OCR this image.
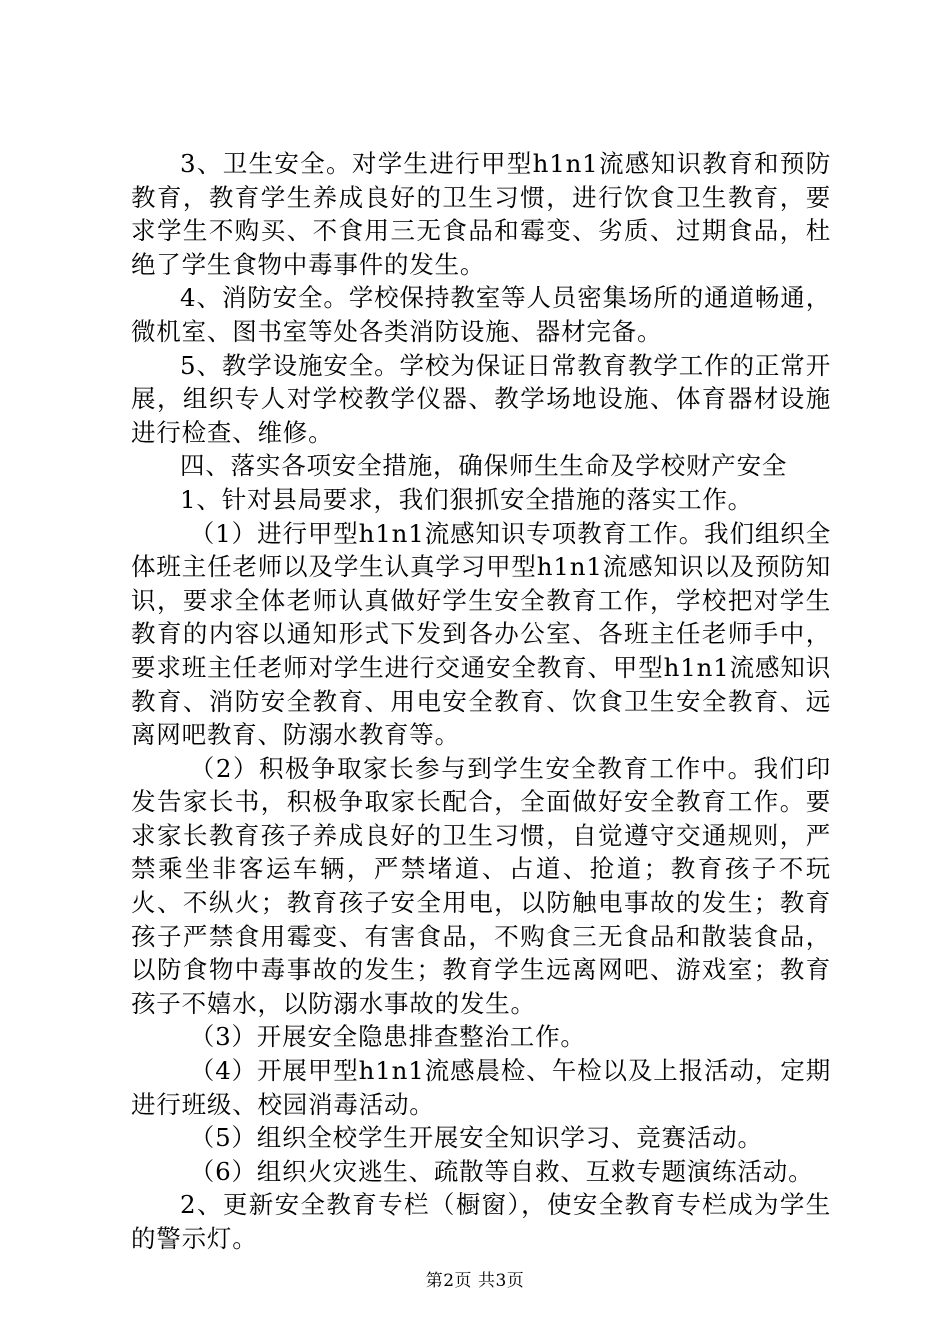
3、卫生安全。对学生进行甲型h1n1流感知识教育和预防教育，教育学生养成良好的卫生习惯，进行饮食卫生教育，要求学生不购买、不食用三无食品和霉变、劣质、过期食品，杜绝了学生食物中毒事件的发生。

4、消防安全。学校保持教室等人员密集场所的通道畅通，微机室、图书室等处各类消防设施、器材完备。

5、教学设施安全。学校为保证日常教育教学工作的正常开展，组织专人对学校教学仪器、教学场地设施、体育器材设施进行检查、维修。

四、落实各项安全措施，确保师生生命及学校财产安全

1、针对县局要求，我们狠抓安全措施的落实工作。

（1）进行甲型h1n1流感知识专项教育工作。我们组织全体班主任老师以及学生认真学习甲型h1n1流感知识以及预防知识，要求全体老师认真做好学生安全教育工作，学校把对学生教育的内容以通知形式下发到各办公室、各班主任老师手中，要求班主任老师对学生进行交通安全教育、甲型h1n1流感知识教育、消防安全教育、用电安全教育、饮食卫生安全教育、远离网吧教育、防溺水教育等。

（2）积极争取家长参与到学生安全教育工作中。我们印发告家长书，积极争取家长配合，全面做好安全教育工作。要求家长教育孩子养成良好的卫生习惯，自觉遵守交通规则，严禁乘坐非客运车辆，严禁堵道、占道、抢道；教育孩子不玩火、不纵火；教育孩子安全用电，以防触电事故的发生；教育孩子严禁食用霉变、有害食品，不购食三无食品和散装食品，以防食物中毒事故的发生；教育学生远离网吧、游戏室；教育孩子不嬉水，以防溺水事故的发生。

（3）开展安全隐患排查整治工作。

（4）开展甲型h1n1流感晨检、午检以及上报活动，定期进行班级、校园消毒活动。

（5）组织全校学生开展安全知识学习、竞赛活动。

（6）组织火灾逃生、疏散等自救、互救专题演练活动。

2、更新安全教育专栏（橱窗），使安全教育专栏成为学生的警示灯。

第2页 共3页
